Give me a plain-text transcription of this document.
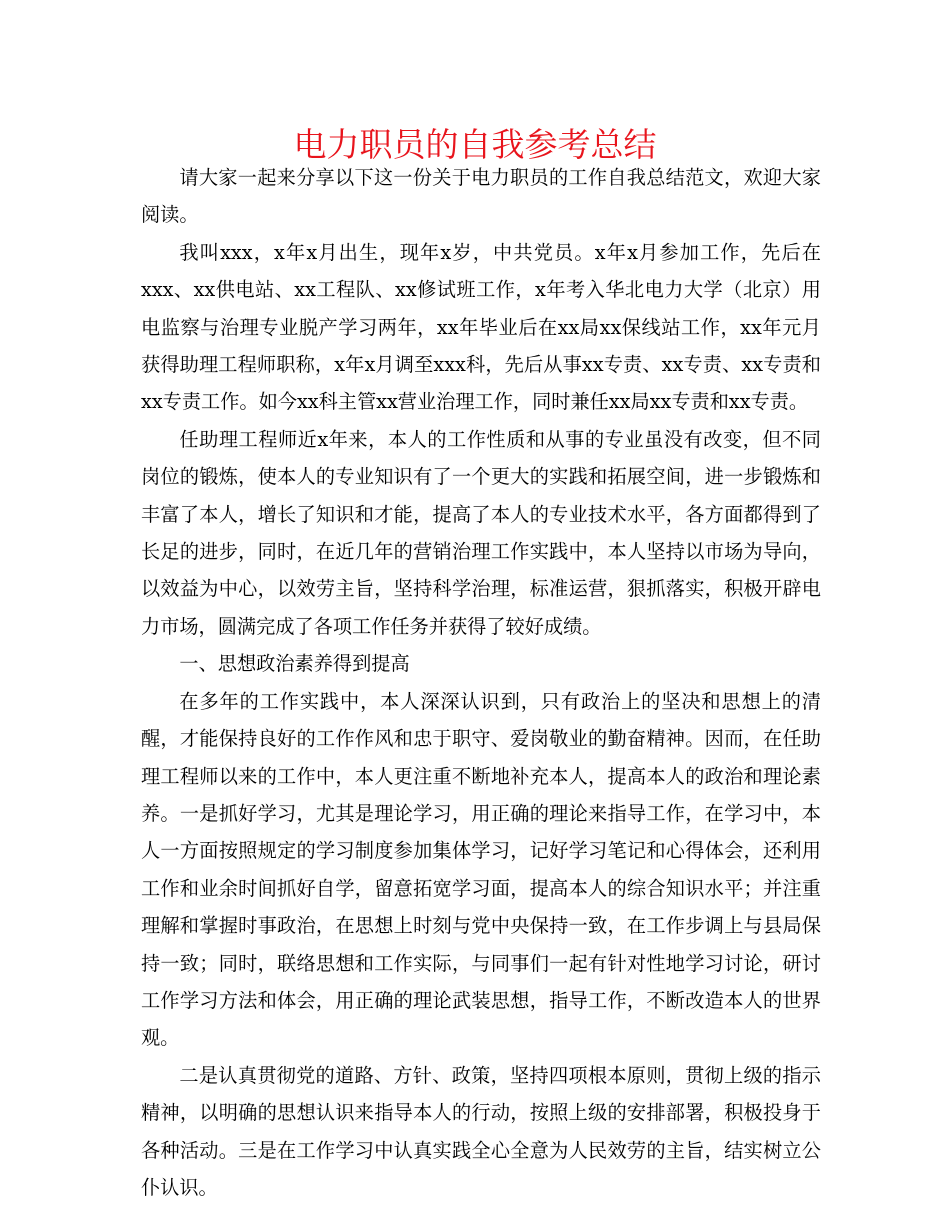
电力职员的自我参考总结

请大家一起来分享以下这一份关于电力职员的工作自我总结范文，欢迎大家阅读。

我叫xxx，x年x月出生，现年x岁，中共党员。x年x月参加工作，先后在xxx、xx供电站、xx工程队、xx修试班工作，x年考入华北电力大学（北京）用电监察与治理专业脱产学习两年，xx年毕业后在xx局xx保线站工作，xx年元月获得助理工程师职称，x年x月调至xxx科，先后从事xx专责、xx专责、xx专责和xx专责工作。如今xx科主管xx营业治理工作，同时兼任xx局xx专责和xx专责。

任助理工程师近x年来，本人的工作性质和从事的专业虽没有改变，但不同岗位的锻炼，使本人的专业知识有了一个更大的实践和拓展空间，进一步锻炼和丰富了本人，增长了知识和才能，提高了本人的专业技术水平，各方面都得到了长足的进步，同时，在近几年的营销治理工作实践中，本人坚持以市场为导向，以效益为中心，以效劳主旨，坚持科学治理，标准运营，狠抓落实，积极开辟电力市场，圆满完成了各项工作任务并获得了较好成绩。

一、思想政治素养得到提高

在多年的工作实践中，本人深深认识到，只有政治上的坚决和思想上的清醒，才能保持良好的工作作风和忠于职守、爱岗敬业的勤奋精神。因而，在任助理工程师以来的工作中，本人更注重不断地补充本人，提高本人的政治和理论素养。一是抓好学习，尤其是理论学习，用正确的理论来指导工作，在学习中，本人一方面按照规定的学习制度参加集体学习，记好学习笔记和心得体会，还利用工作和业余时间抓好自学，留意拓宽学习面，提高本人的综合知识水平；并注重理解和掌握时事政治，在思想上时刻与党中央保持一致，在工作步调上与县局保持一致；同时，联络思想和工作实际，与同事们一起有针对性地学习讨论，研讨工作学习方法和体会，用正确的理论武装思想，指导工作，不断改造本人的世界观。

二是认真贯彻党的道路、方针、政策，坚持四项根本原则，贯彻上级的指示精神，以明确的思想认识来指导本人的行动，按照上级的安排部署，积极投身于各种活动。三是在工作学习中认真实践全心全意为人民效劳的主旨，结实树立公仆认识。
